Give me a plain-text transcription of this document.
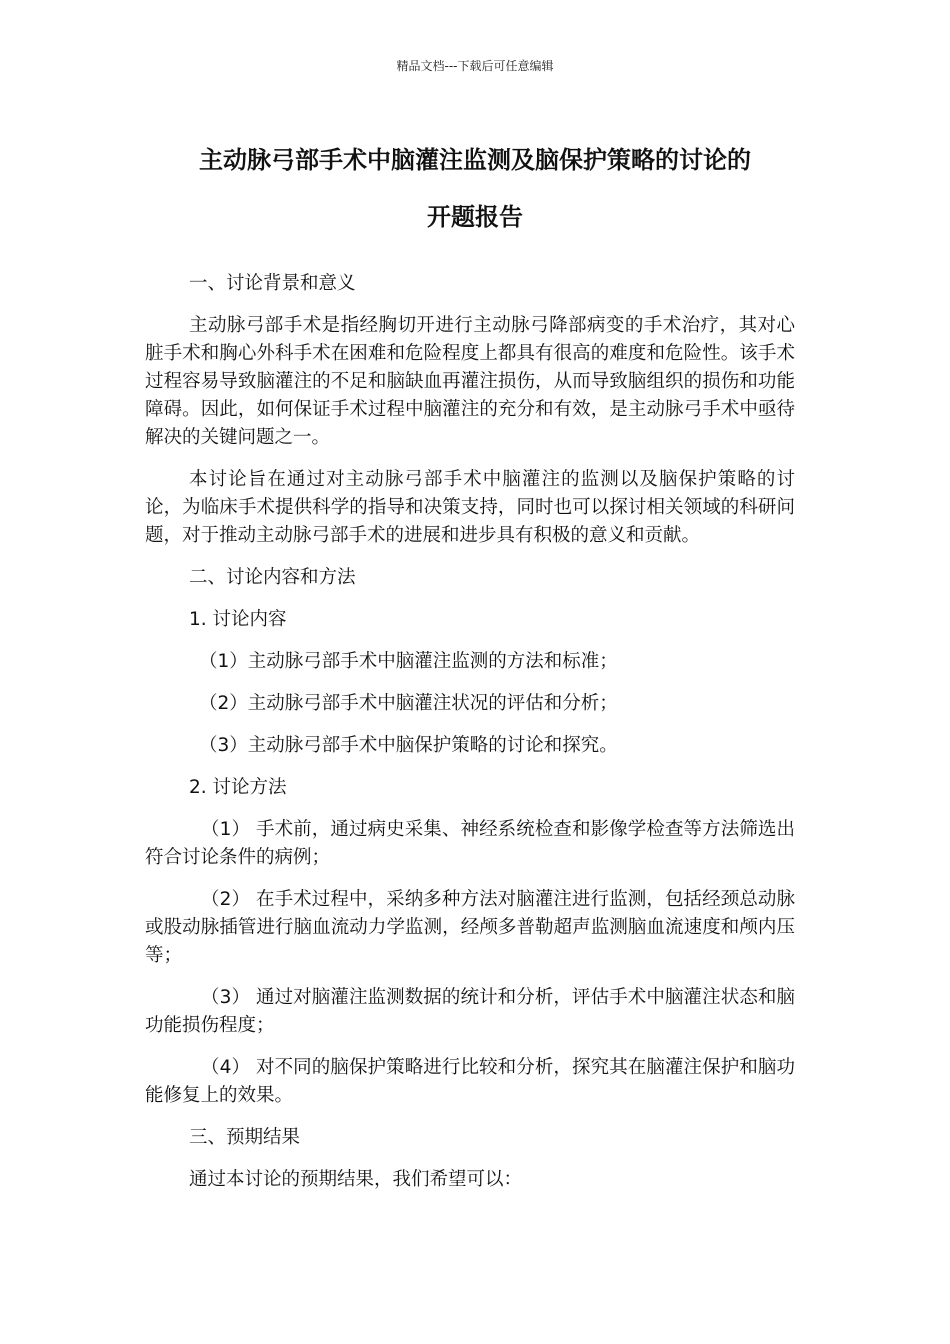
精品文档---下载后可任意编辑
主动脉弓部手术中脑灌注监测及脑保护策略的讨论的
开题报告

一、讨论背景和意义

主动脉弓部手术是指经胸切开进行主动脉弓降部病变的手术治疗，其对心脏手术和胸心外科手术在困难和危险程度上都具有很高的难度和危险性。该手术过程容易导致脑灌注的不足和脑缺血再灌注损伤，从而导致脑组织的损伤和功能障碍。因此，如何保证手术过程中脑灌注的充分和有效，是主动脉弓手术中亟待解决的关键问题之一。

本讨论旨在通过对主动脉弓部手术中脑灌注的监测以及脑保护策略的讨论，为临床手术提供科学的指导和决策支持，同时也可以探讨相关领域的科研问题，对于推动主动脉弓部手术的进展和进步具有积极的意义和贡献。

二、讨论内容和方法

1. 讨论内容

（1）主动脉弓部手术中脑灌注监测的方法和标准；

（2）主动脉弓部手术中脑灌注状况的评估和分析；

（3）主动脉弓部手术中脑保护策略的讨论和探究。

2. 讨论方法

（1） 手术前，通过病史采集、神经系统检查和影像学检查等方法筛选出符合讨论条件的病例；

（2） 在手术过程中，采纳多种方法对脑灌注进行监测，包括经颈总动脉或股动脉插管进行脑血流动力学监测，经颅多普勒超声监测脑血流速度和颅内压等；

（3） 通过对脑灌注监测数据的统计和分析，评估手术中脑灌注状态和脑功能损伤程度；

（4） 对不同的脑保护策略进行比较和分析，探究其在脑灌注保护和脑功能修复上的效果。

三、预期结果

通过本讨论的预期结果，我们希望可以：
